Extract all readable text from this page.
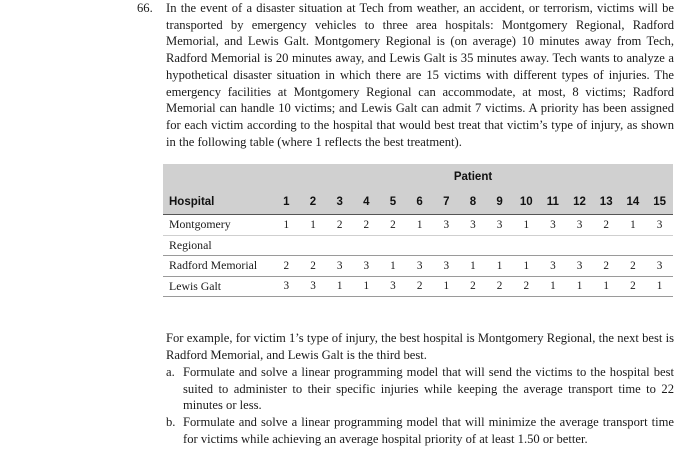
66. In the event of a disaster situation at Tech from weather, an accident, or terrorism, victims will be transported by emergency vehicles to three area hospitals: Montgomery Regional, Radford Memorial, and Lewis Galt. Montgomery Regional is (on average) 10 minutes away from Tech, Radford Memorial is 20 minutes away, and Lewis Galt is 35 minutes away. Tech wants to analyze a hypothetical disaster situation in which there are 15 victims with different types of injuries. The emergency facilities at Montgomery Regional can accommodate, at most, 8 victims; Radford Memorial can handle 10 victims; and Lewis Galt can admit 7 victims. A priority has been assigned for each victim according to the hospital that would best treat that victim’s type of injury, as shown in the following table (where 1 reflects the best treatment).
	Patient														
Hospital	1	2	3	4	5	6	7	8	9	10	11	12	13	14	15
Montgomery	1	1	2	2	2	1	3	3	3	1	3	3	2	1	3
Regional															
Radford Memorial	2	2	3	3	1	3	3	1	1	1	3	3	2	2	3
Lewis Galt	3	3	1	1	3	2	1	2	2	2	1	1	1	2	1
For example, for victim 1’s type of injury, the best hospital is Montgomery Regional, the next best is Radford Memorial, and Lewis Galt is the third best.
a. Formulate and solve a linear programming model that will send the victims to the hospital best suited to administer to their specific injuries while keeping the average transport time to 22 minutes or less.
b. Formulate and solve a linear programming model that will minimize the average transport time for victims while achieving an average hospital priority of at least 1.50 or better.
